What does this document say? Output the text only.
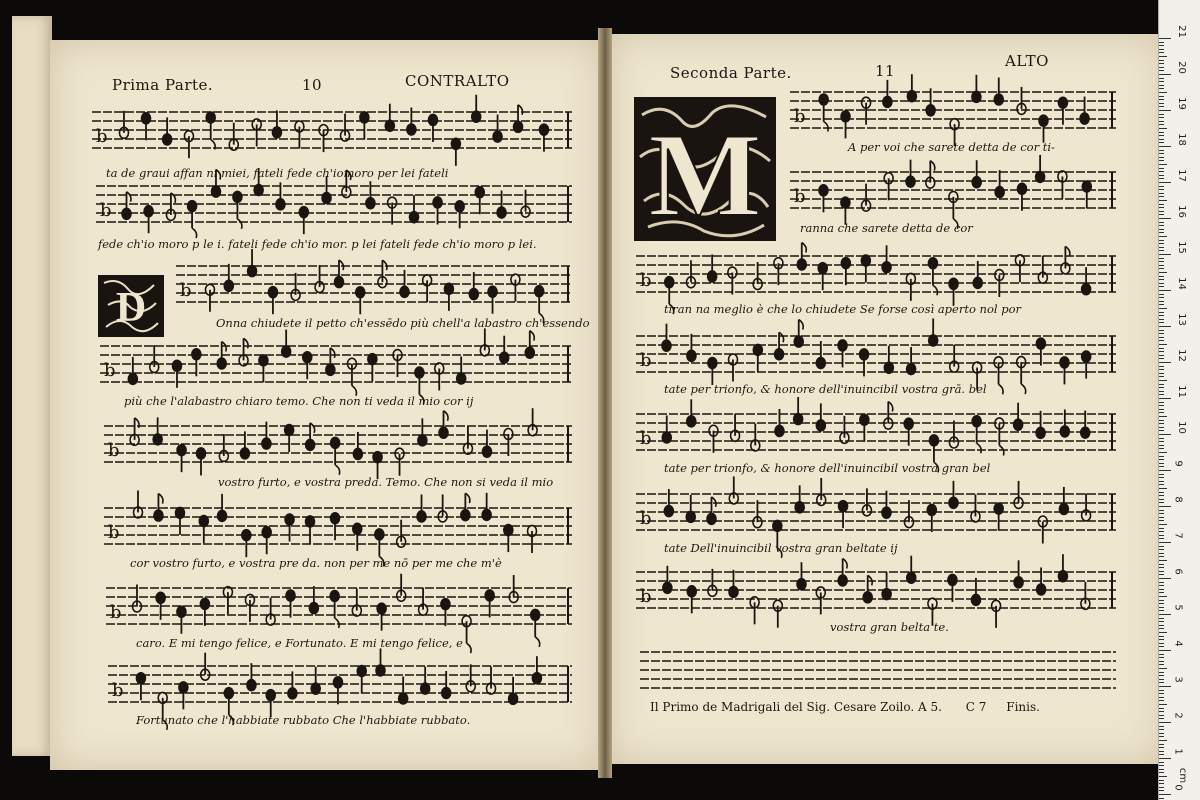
Prima Parte.	10	CONTRALTO	Seconda Parte.	11
ALTO
b
b
b
b
b
b
b
b
b
b
b
b
b
b
b
D
M
ta de graui affan ni miei, fateli fede ch'iomoro per lei fateli
fede ch'io moro p le i. fateli fede ch'io mor. p lei fateli fede ch'io moro p lei.
Onna chiudete il petto ch'essēdo più chell'a labastro ch'essendo
più che l'alabastro chiaro temo. Che non ti veda il mio cor ij
vostro furto, e vostra preda. Temo. Che non si veda il mio
cor vostro furto, e vostra pre da. non per me nō per me che m'è
caro. E mi tengo felice, e Fortunato. E mi tengo felice, e
Fortunato che l'habbiate rubbato Che l'habbiate rubbato.
A per voi che sarete detta de cor ti-
ranna che sarete detta de cor
tiran na meglio è che lo chiudete Se forse così aperto nol por
tate per trionfo, & honore dell'inuincibil vostra grā. bel
tate per trionfo, & honore dell'inuincibil vostra gran bel
tate Dell'inuincibil vostra gran beltate ij
vostra gran belta te.
Il Primo de Madrigali del Sig. Cesare Zoilo. A 5. C 7 Finis.
21
20
19
18
17
16
15
14
13
12
11
10
9
8
7
6
5
4
3
2
1
0
cm
